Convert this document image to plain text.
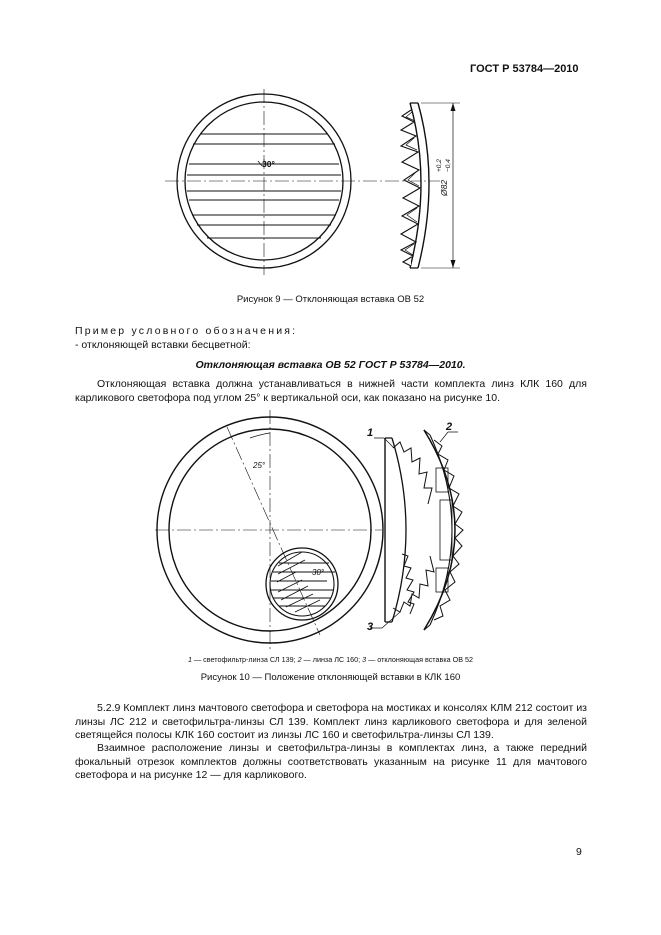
ГОСТ Р 53784—2010
30°
Ø82
+0,2 −0,4
25°
30°
1	2
3
Рисунок 9 — Отклоняющая вставка ОВ 52
Пример условного обозначения:
- отклоняющей вставки бесцветной:
Отклоняющая вставка ОВ 52 ГОСТ Р 53784—2010.
Отклоняющая вставка должна устанавливаться в нижней части комплекта линз КЛК 160 для карликового светофора под углом 25° к вертикальной оси, как показано на рисунке 10.
1 — светофильтр-линза СЛ 139; 2 — линза ЛС 160; 3 — отклоняющая вставка ОВ 52
Рисунок 10 — Положение отклоняющей вставки в КЛК 160
5.2.9 Комплект линз мачтового светофора и светофора на мостиках и консолях КЛМ 212 состоит из линзы ЛС 212 и светофильтра-линзы СЛ 139. Комплект линз карликового светофора и для зеленой светящейся полосы КЛК 160 состоит из линзы ЛС 160 и светофильтра-линзы СЛ 139.
Взаимное расположение линзы и светофильтра-линзы в комплектах линз, а также передний фокальный отрезок комплектов должны соответствовать указанным на рисунке 11 для мачтового светофора и на рисунке 12 — для карликового.
9
